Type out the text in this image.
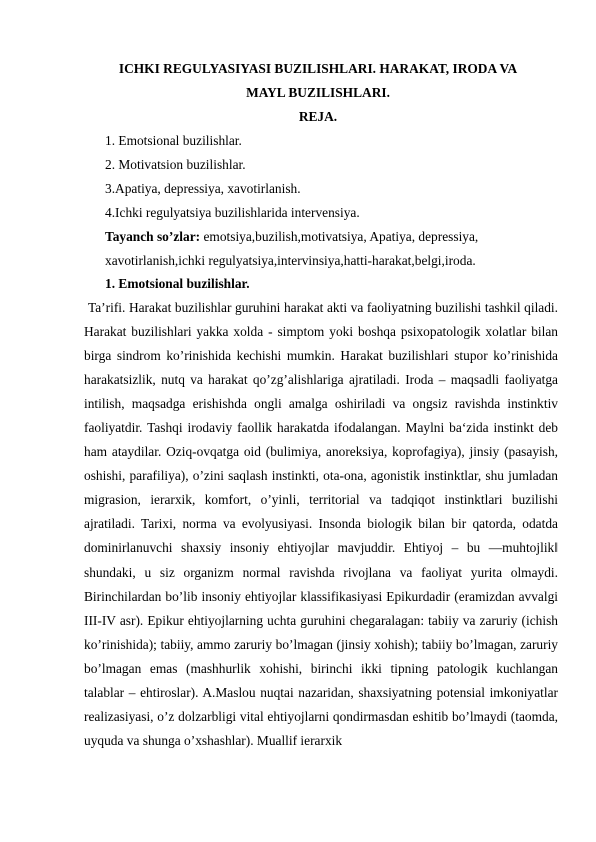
ICHKI REGULYASIYASI BUZILISHLARI. HARAKAT, IRODA VA
MAYL BUZILISHLARI.
REJA.
1. Emotsional buzilishlar.
2. Motivatsion buzilishlar.
3.Apatiya, depressiya, xavotirlanish.
4.Ichki regulyatsiya buzilishlarida intervensiya.
Tayanch so’zlar: emotsiya,buzilish,motivatsiya, Apatiya, depressiya,
xavotirlanish,ichki regulyatsiya,intervinsiya,hatti-harakat,belgi,iroda.
1. Emotsional buzilishlar.
Ta’rifi. Harakat buzilishlar guruhini harakat akti va faoliyatning buzilishi tashkil qiladi. Harakat buzilishlari yakka xolda - simptom yoki boshqa psixopatologik xolatlar bilan birga sindrom ko’rinishida kechishi mumkin. Harakat buzilishlari stupor ko’rinishida harakatsizlik, nutq va harakat qo’zg’alishlariga ajratiladi. Iroda – maqsadli faoliyatga intilish, maqsadga erishishda ongli amalga oshiriladi va ongsiz ravishda instinktiv faoliyatdir. Tashqi irodaviy faollik harakatda ifodalangan. Maylni ba‘zida instinkt deb ham ataydilar. Oziq-ovqatga oid (bulimiya, anoreksiya, koprofagiya), jinsiy (pasayish, oshishi, parafiliya), o’zini saqlash instinkti, ota-ona, agonistik instinktlar, shu jumladan migrasion, ierarxik, komfort, o’yinli, territorial va tadqiqot instinktlari buzilishi ajratiladi. Tarixi, norma va evolyusiyasi. Insonda biologik bilan bir qatorda, odatda dominirlanuvchi shaxsiy insoniy ehtiyojlar mavjuddir. Ehtiyoj – bu ―muhtojlik‖ shundaki, u siz organizm normal ravishda rivojlana va faoliyat yurita olmaydi. Birinchilardan bo’lib insoniy ehtiyojlar klassifikasiyasi Epikurdadir (eramizdan avvalgi III-IV asr). Epikur ehtiyojlarning uchta guruhini chegaralagan: tabiiy va zaruriy (ichish ko’rinishida); tabiiy, ammo zaruriy bo’lmagan (jinsiy xohish); tabiiy bo’lmagan, zaruriy bo’lmagan emas (mashhurlik xohishi, birinchi ikki tipning patologik kuchlangan talablar – ehtiroslar). A.Maslou nuqtai nazaridan, shaxsiyatning potensial imkoniyatlar realizasiyasi, o’z dolzarbligi vital ehtiyojlarni qondirmasdan eshitib bo’lmaydi (taomda, uyquda va shunga o’xshashlar). Muallif ierarxik
